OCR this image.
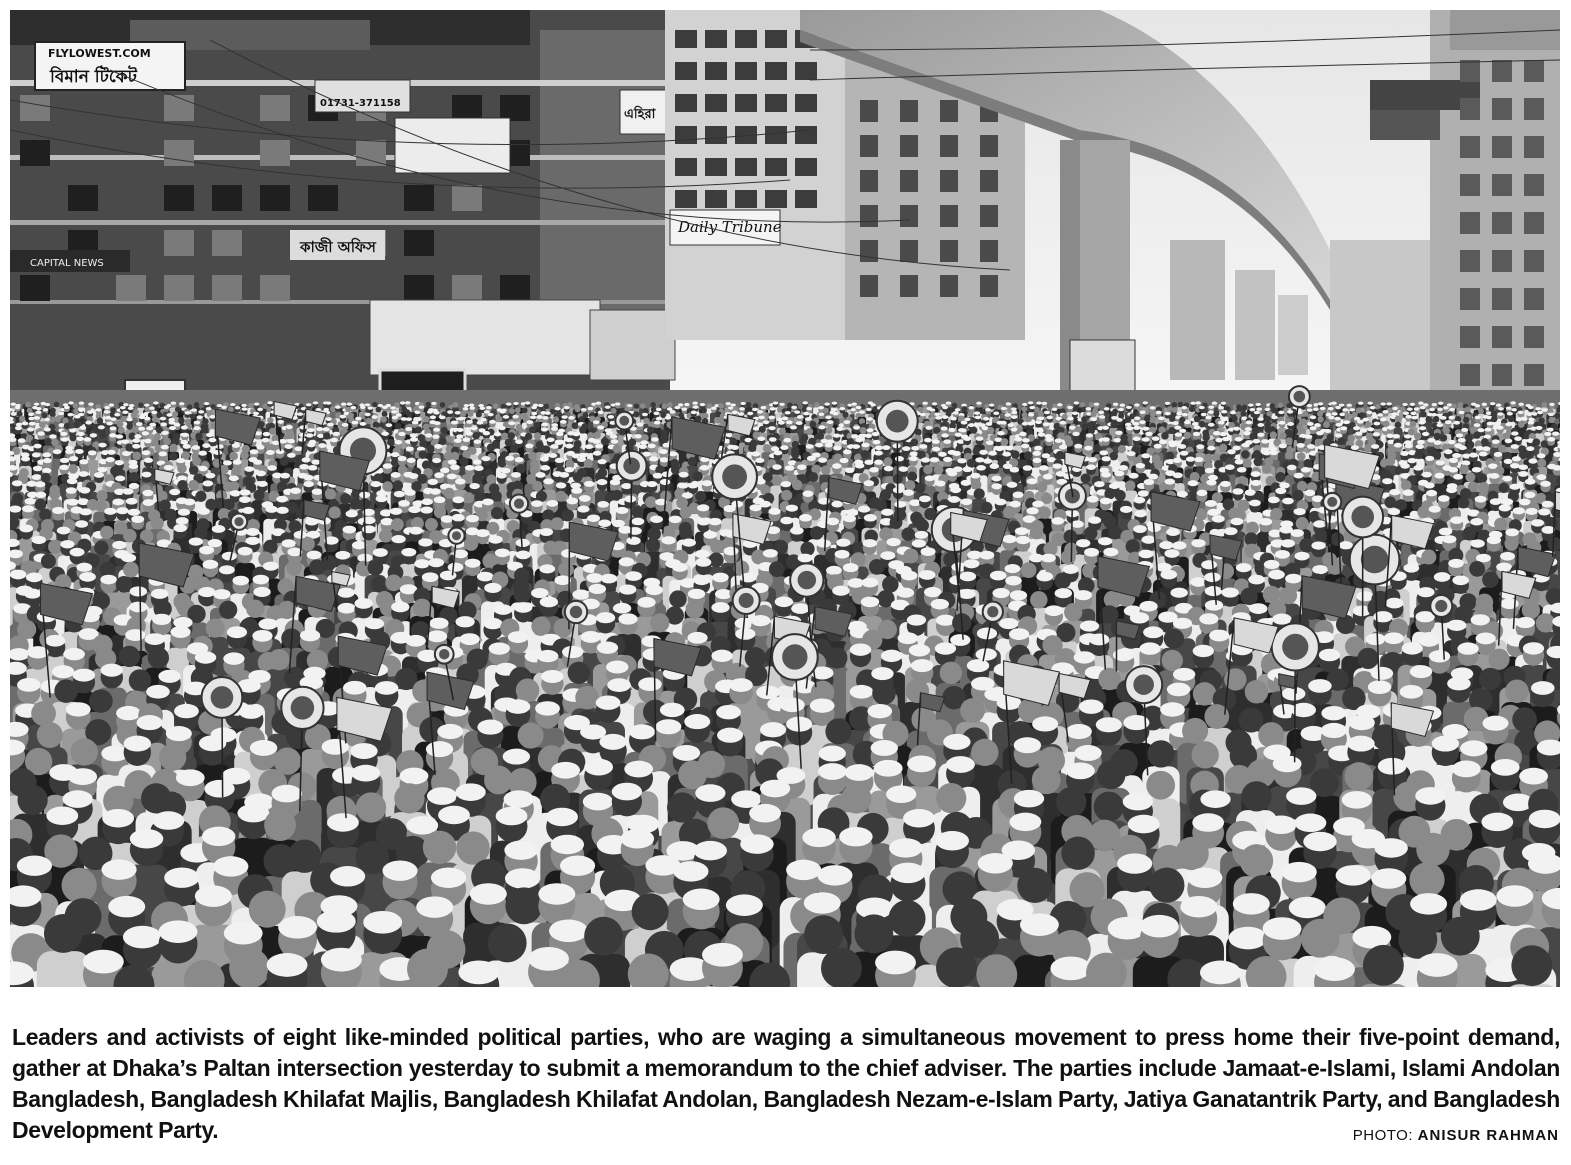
FLYLOWEST.COM
বিমান টিকেট
01731-371158
কাজী অফিস
CAPITAL NEWS
এহিরা
Daily Tribune
Leaders and activists of eight like-minded political parties, who are waging a simultaneous movement to press home their five-point demand, gather at Dhaka’s Paltan intersection yesterday to submit a memorandum to the chief adviser. The parties include Jamaat-e-Islami, Islami Andolan Bangladesh, Bangladesh Khilafat Majlis, Bangladesh Khilafat Andolan, Bangladesh Nezam-e-Islam Party, Jatiya Ganatantrik Party, and Bangladesh Development Party.	PHOTO: ANISUR RAHMAN
